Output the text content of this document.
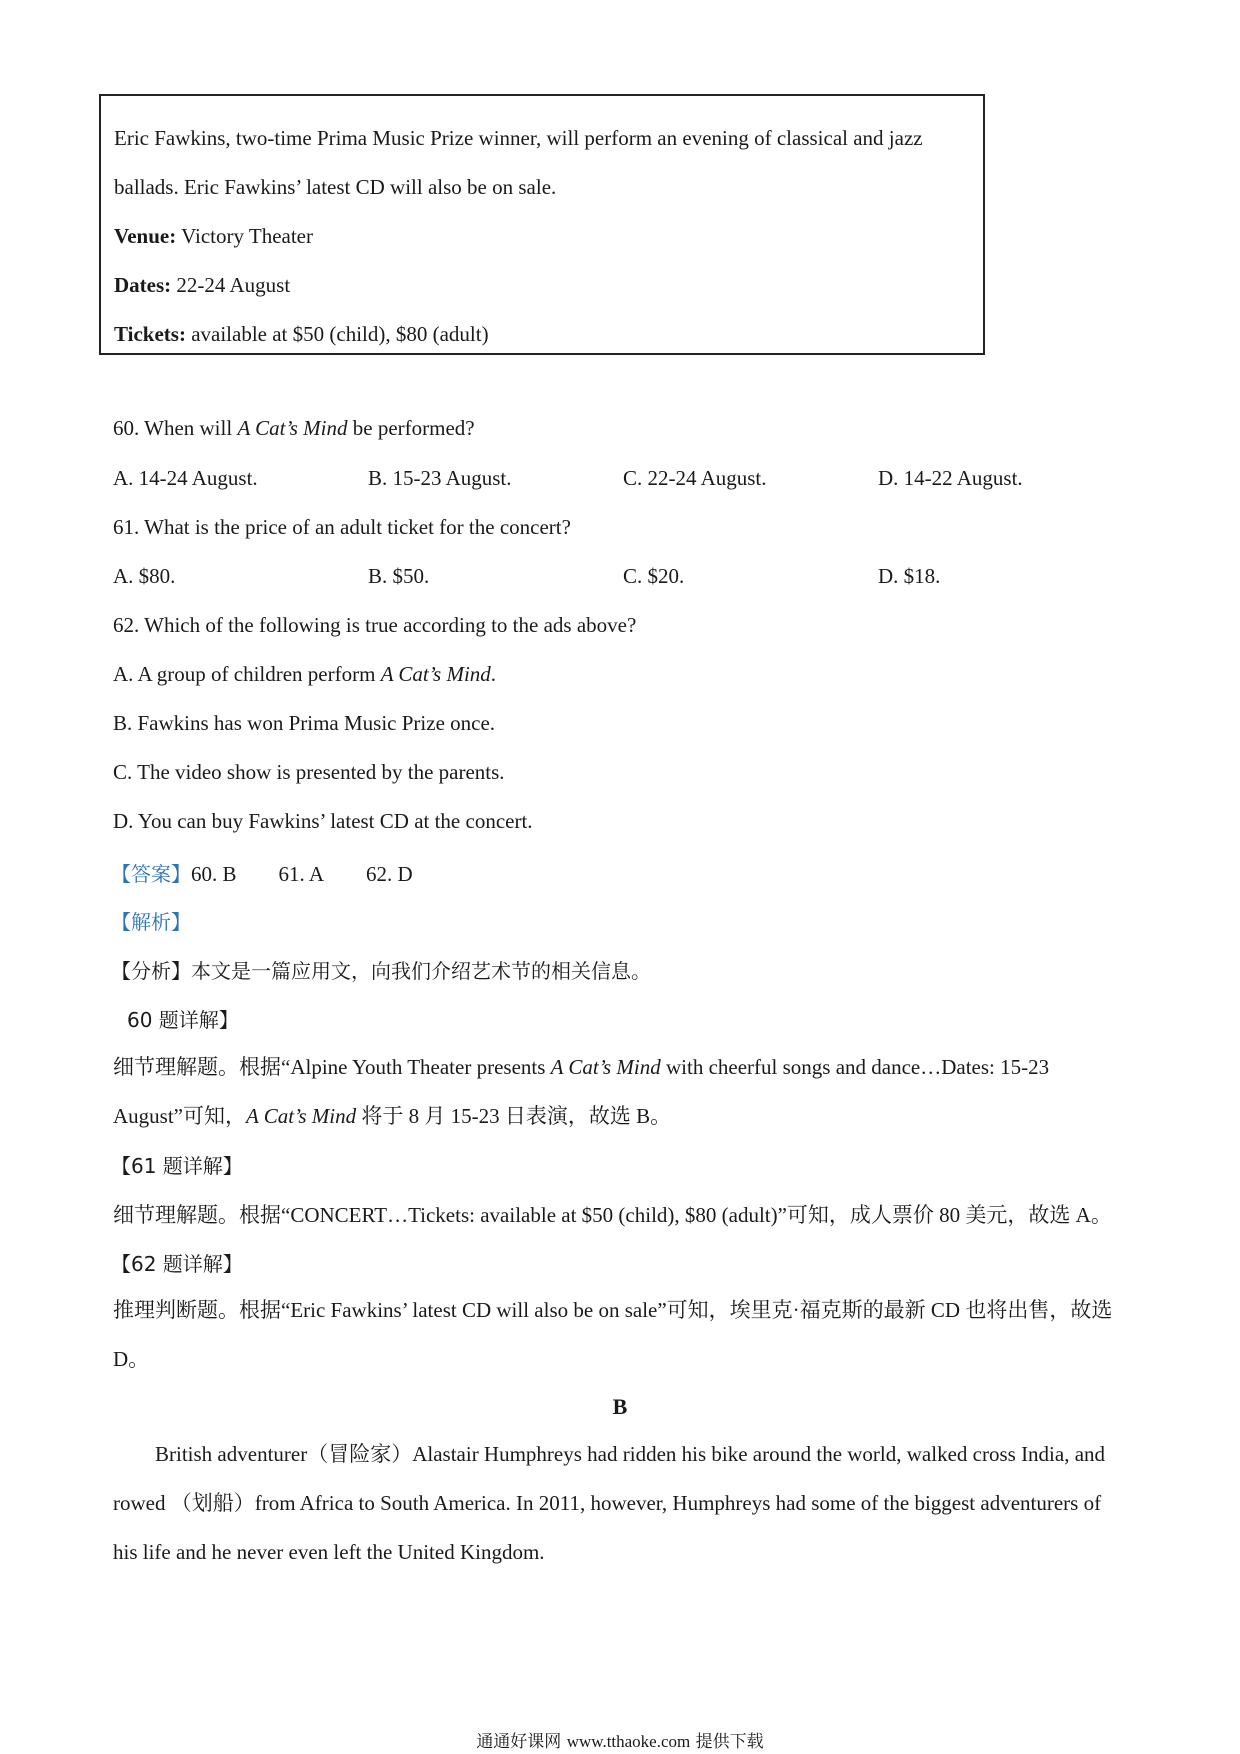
Eric Fawkins, two-time Prima Music Prize winner, will perform an evening of classical and jazz
ballads. Eric Fawkins’ latest CD will also be on sale.
Venue: Victory Theater
Dates: 22-24 August
Tickets: available at $50 (child), $80 (adult)
60. When will A Cat’s Mind be performed?
A. 14-24 August.	B. 15-23 August.	C. 22-24 August.	D. 14-22 August.
61. What is the price of an adult ticket for the concert?
A. $80.	B. $50.	C. $20.	D. $18.
62. Which of the following is true according to the ads above?
A. A group of children perform A Cat’s Mind.
B. Fawkins has won Prima Music Prize once.
C. The video show is presented by the parents.
D. You can buy Fawkins’ latest CD at the concert.
【答案】60. B 61. A 62. D
【解析】
【分析】本文是一篇应用文，向我们介绍艺术节的相关信息。
60 题详解】
细节理解题。根据“Alpine Youth Theater presents A Cat’s Mind with cheerful songs and dance…Dates: 15-23
August”可知，A Cat’s Mind 将于 8 月 15-23 日表演，故选 B。
【61 题详解】
细节理解题。根据“CONCERT…Tickets: available at $50 (child), $80 (adult)”可知，成人票价 80 美元，故选 A。
【62 题详解】
推理判断题。根据“Eric Fawkins’ latest CD will also be on sale”可知，埃里克·福克斯的最新 CD 也将出售，故选 D。
B
British adventurer（冒险家）Alastair Humphreys had ridden his bike around the world, walked cross India, and rowed （划船）from Africa to South America. In 2011, however, Humphreys had some of the biggest adventurers of his life and he never even left the United Kingdom.
通通好课网 www.tthaoke.com 提供下载
